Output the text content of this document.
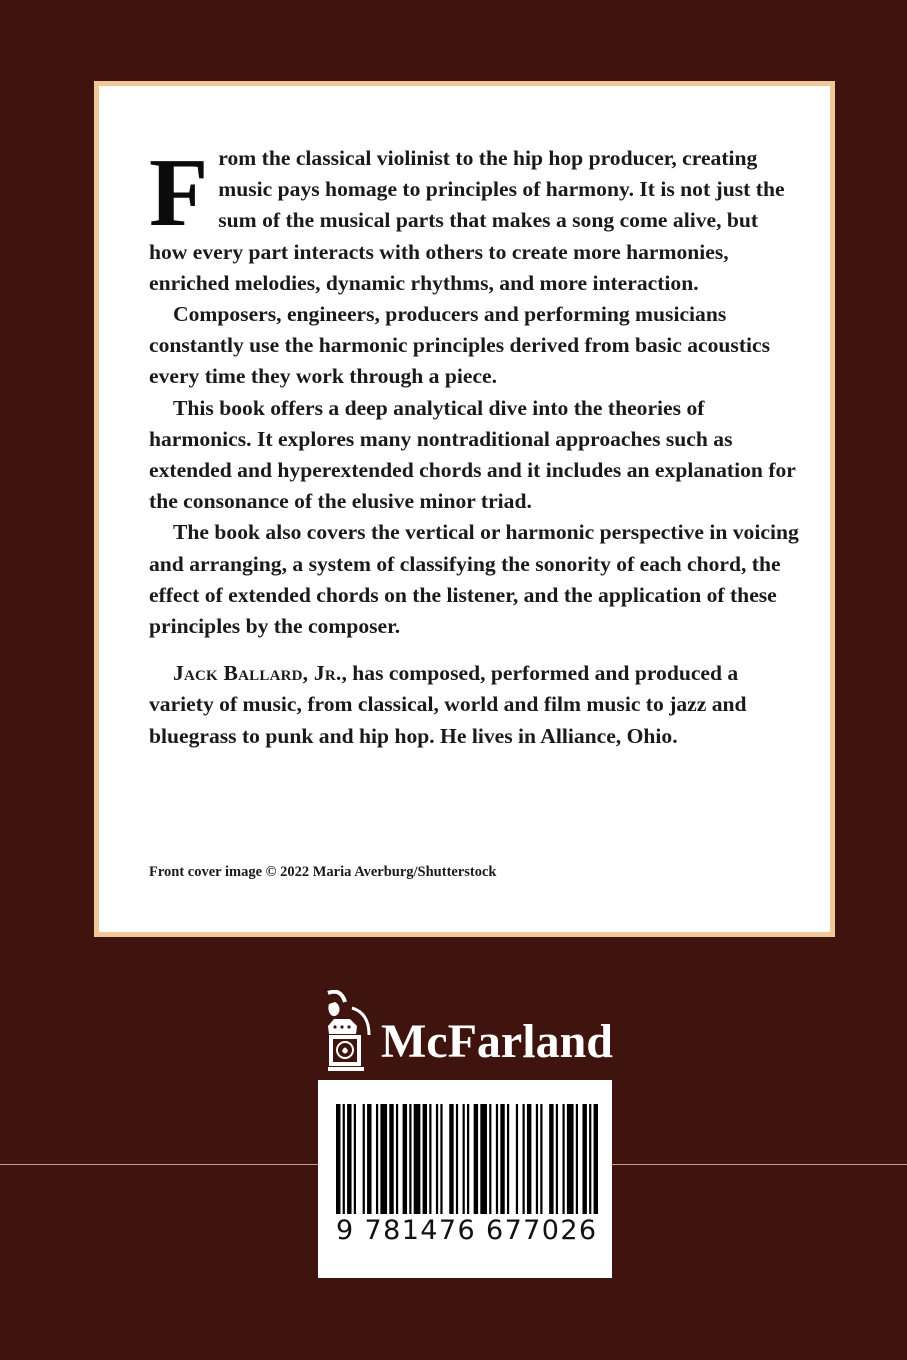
From the classical violinist to the hip hop producer, creating music pays homage to principles of harmony. It is not just the sum of the musical parts that makes a song come alive, but how every part interacts with others to create more harmonies, enriched melodies, dynamic rhythms, and more interaction.

Composers, engineers, producers and performing musicians constantly use the harmonic principles derived from basic acoustics every time they work through a piece.

This book offers a deep analytical dive into the theories of harmonics. It explores many nontraditional approaches such as extended and hyperextended chords and it includes an explanation for the consonance of the elusive minor triad.

The book also covers the vertical or harmonic perspective in voicing and arranging, a system of classifying the sonority of each chord, the effect of extended chords on the listener, and the application of these principles by the composer.

Jack Ballard, Jr., has composed, performed and produced a variety of music, from classical, world and film music to jazz and bluegrass to punk and hip hop. He lives in Alliance, Ohio.

Front cover image © 2022 Maria Averburg/Shutterstock
McFarland
9 781476 677026
